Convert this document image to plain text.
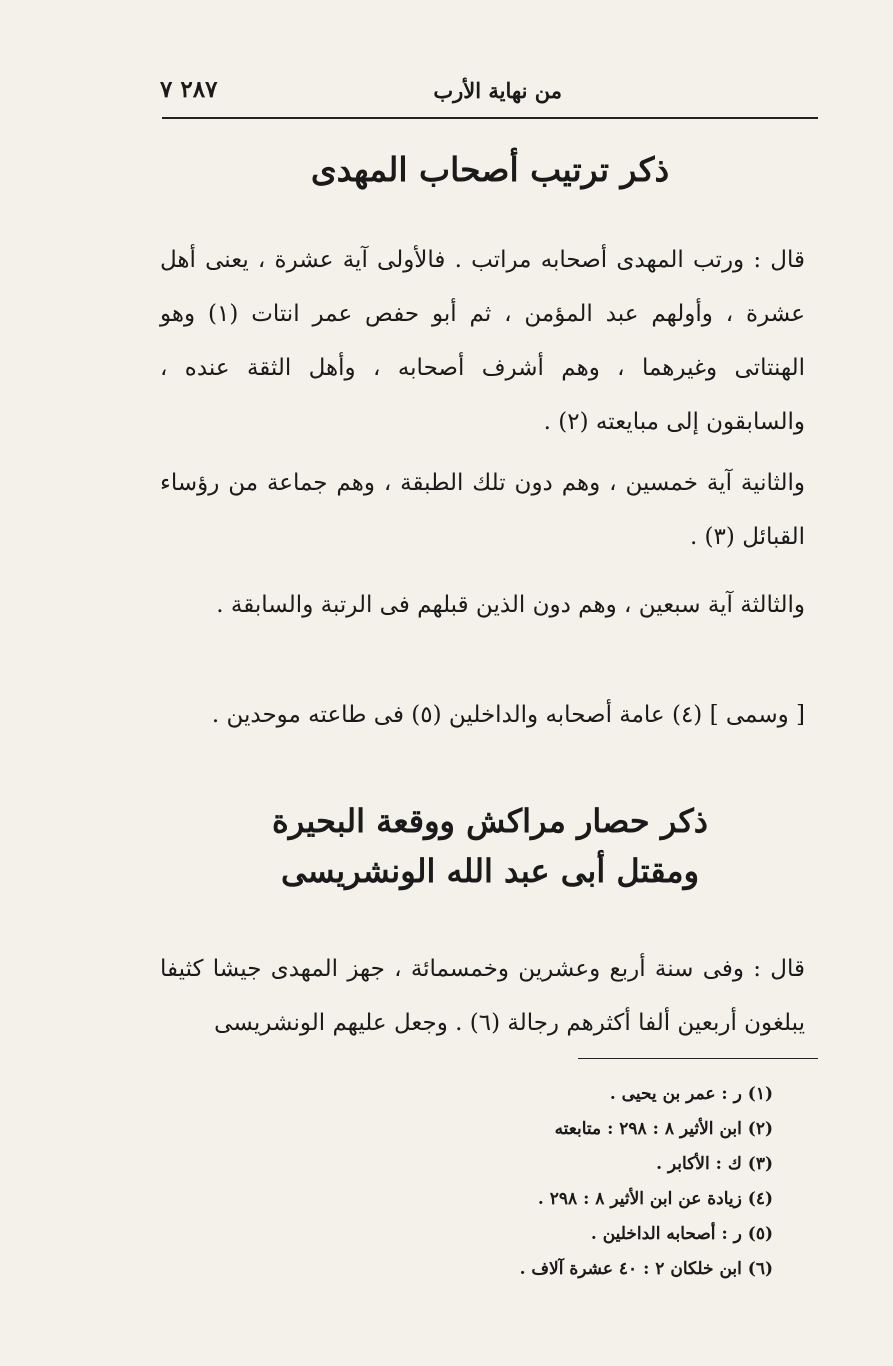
من نهاية الأرب
٢٨٧ ٧
ذكر ترتيب أصحاب المهدى

قال : ورتب المهدى أصحابه مراتب . فالأولى آية عشرة ، يعنى أهل عشرة ، وأولهم عبد المؤمن ، ثم أبو حفص عمر انتات (١) وهو الهنتاتى وغيرهما ، وهم أشرف أصحابه ، وأهل الثقة عنده ، والسابقون إلى مبايعته (٢) .

والثانية آية خمسين ، وهم دون تلك الطبقة ، وهم جماعة من رؤساء القبائل (٣) .

والثالثة آية سبعين ، وهم دون الذين قبلهم فى الرتبة والسابقة .

[ وسمى ] (٤) عامة أصحابه والداخلين (٥) فى طاعته موحدين .

ذكر حصار مراكش ووقعة البحيرة
ومقتل أبى عبد الله الونشريسى

قال : وفى سنة أربع وعشرين وخمسمائة ، جهز المهدى جيشا كثيفا يبلغون أربعين ألفا أكثرهم رجالة (٦) . وجعل عليهم الونشريسى

(١) ر : عمر بن يحيى .
(٢) ابن الأثير ٨ : ٢٩٨ : متابعته
(٣) ك : الأكابر .
(٤) زيادة عن ابن الأثير ٨ : ٢٩٨ .
(٥) ر : أصحابه الداخلين .
(٦) ابن خلكان ٢ : ٤٠ عشرة آلاف .
